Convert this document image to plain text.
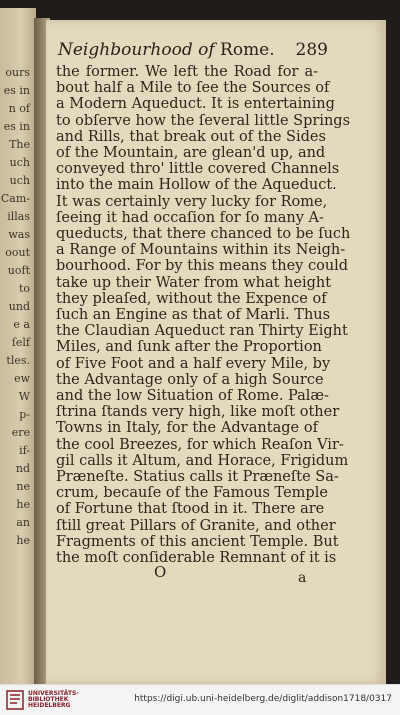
ours
es in
n of
es in
The
uch
uch
Cam-
illas
was
oout
uoft
to
und
e a
ſelf
tles.
ew
W
p-
ere
if-
nd
ne
he
an
he
Neighbourhood of Rome. 289
the former. We left the Road for a-
bout half a Mile to ſee the Sources of
a Modern Aqueduct. It is entertaining
to obſerve how the ſeveral little Springs
and Rills, that break out of the Sides
of the Mountain, are glean'd up, and
conveyed thro' little covered Channels
into the main Hollow of the Aqueduct.
It was certainly very lucky for Rome,
ſeeing it had occaſion for ſo many A-
queducts, that there chanced to be ſuch
a Range of Mountains within its Neigh-
bourhood. For by this means they could
take up their Water from what height
they pleaſed, without the Expence of
ſuch an Engine as that of Marli. Thus
the Claudian Aqueduct ran Thirty Eight
Miles, and ſunk after the Proportion
of Five Foot and a half every Mile, by
the Advantage only of a high Source
and the low Situation of Rome. Palæ-
ſtrina ſtands very high, like moſt other
Towns in Italy, for the Advantage of
the cool Breezes, for which Reaſon Vir-
gil calls it Altum, and Horace, Frigidum
Præneſte. Statius calls it Præneſte Sa-
crum, becauſe of the Famous Temple
of Fortune that ſtood in it. There are
ſtill great Pillars of Granite, and other
Fragments of this ancient Temple. But
the moſt conſiderable Remnant of it is
O	a
UNIVERSITÄTS-
BIBLIOTHEK
HEIDELBERG
https://digi.ub.uni-heidelberg.de/diglit/addison1718/0317
